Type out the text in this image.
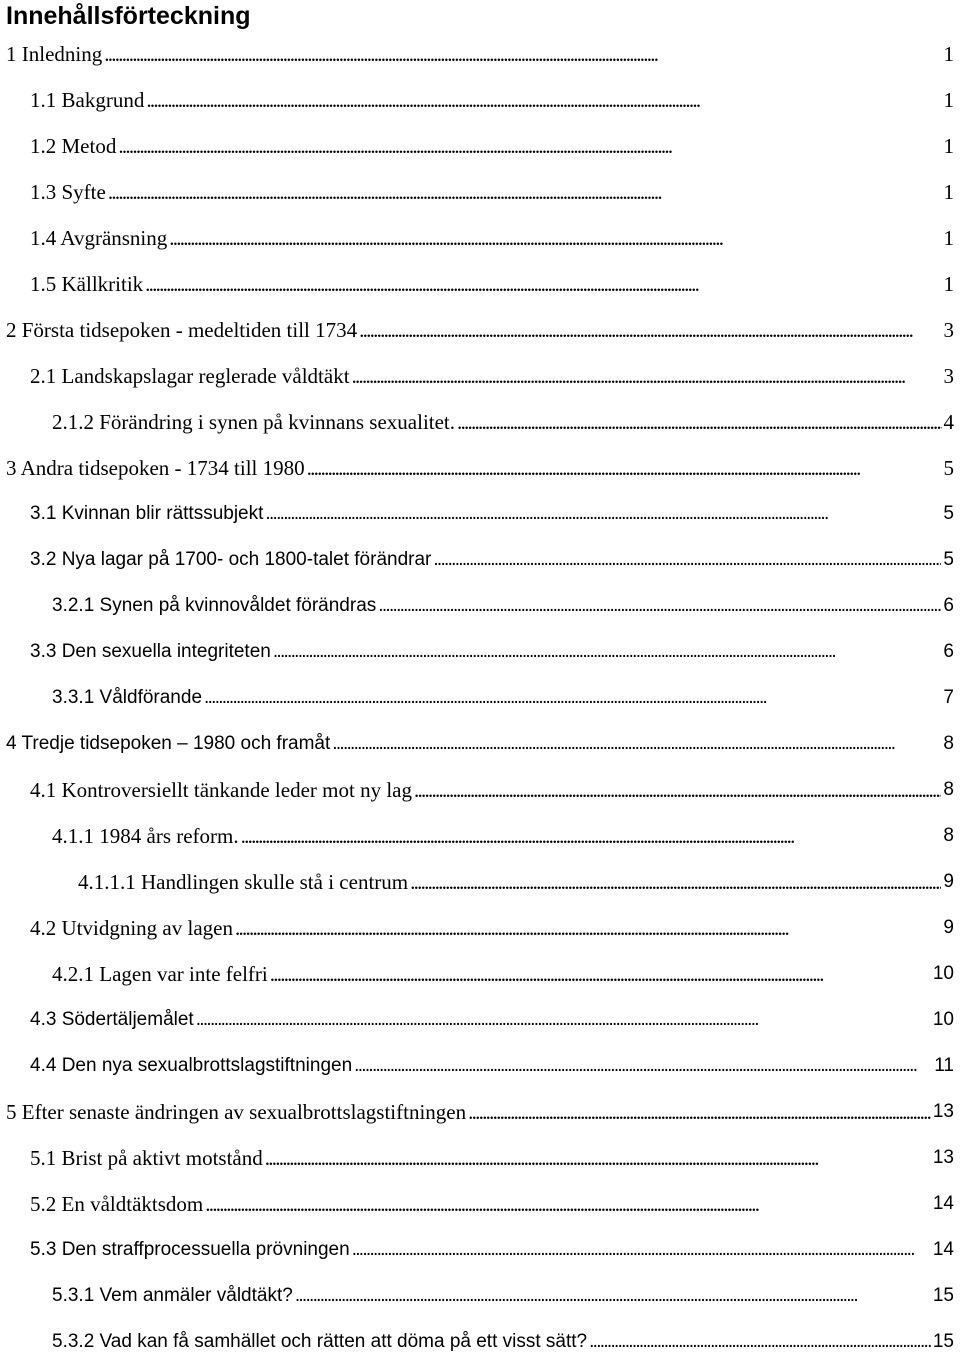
Innehållsförteckning
1 Inledning . . .	1
1.1 Bakgrund . . .	1
1.2 Metod . . .	1
1.3 Syfte . . .	1
1.4 Avgränsning . . .	1
1.5 Källkritik . . .	1
2 Första tidsepoken - medeltiden till 1734 . . .	3
2.1 Landskapslagar reglerade våldtäkt . . .	3
2.1.2 Förändring i synen på kvinnans sexualitet. . . .	4
3 Andra tidsepoken - 1734 till 1980 . . .	5
3.1 Kvinnan blir rättssubjekt . . .	5
3.2 Nya lagar på 1700- och 1800-talet förändrar . . .	5
3.2.1 Synen på kvinnovåldet förändras . . .	6
3.3 Den sexuella integriteten . . .	6
3.3.1 Våldförande . . .	7
4 Tredje tidsepoken – 1980 och framåt . . .	8
4.1 Kontroversiellt tänkande leder mot ny lag . . .	8
4.1.1 1984 års reform. . . .	8
4.1.1.1 Handlingen skulle stå i centrum . . .	9
4.2 Utvidgning av lagen . . .	9
4.2.1 Lagen var inte felfri . . .	10
4.3 Södertäljemålet . . .	10
4.4 Den nya sexualbrottslagstiftningen . . .	11
5 Efter senaste ändringen av sexualbrottslagstiftningen . . .	13
5.1 Brist på aktivt motstånd . . .	13
5.2 En våldtäktsdom . . .	14
5.3 Den straffprocessuella prövningen . . .	14
5.3.1 Vem anmäler våldtäkt? . . .	15
5.3.2 Vad kan få samhället och rätten att döma på ett visst sätt? . . .	15
